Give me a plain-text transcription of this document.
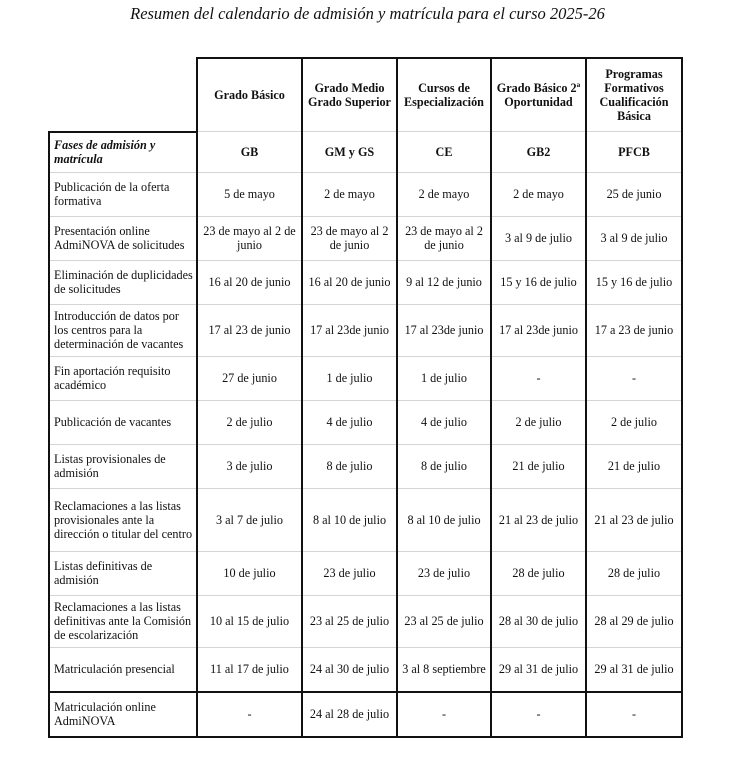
Resumen del calendario de admisión y matrícula para el curso 2025-26
	Grado Básico	Grado Medio Grado Superior	Cursos de Especialización	Grado Básico 2ª Oportunidad	Programas Formativos Cualificación Básica
Fases de admisión y matrícula	GB	GM y GS	CE	GB2	PFCB
Publicación de la oferta formativa	5 de mayo	2 de mayo	2 de mayo	2 de mayo	25 de junio
Presentación online AdmiNOVA de solicitudes	23 de mayo al 2 de junio	23 de mayo al 2 de junio	23 de mayo al 2 de junio	3 al 9 de julio	3 al 9 de julio
Eliminación de duplicidades de solicitudes	16 al 20 de junio	16 al 20 de junio	9 al 12 de junio	15 y 16 de julio	15 y 16 de julio
Introducción de datos por los centros para la determinación de vacantes	17 al 23 de junio	17 al 23de junio	17 al 23de junio	17 al 23de junio	17 a 23 de junio
Fin aportación requisito académico	27 de junio	1 de julio	1 de julio	-	-
Publicación de vacantes	2 de julio	4 de julio	4 de julio	2 de julio	2 de julio
Listas provisionales de admisión	3 de julio	8 de julio	8 de julio	21 de julio	21 de julio
Reclamaciones a las listas provisionales ante la dirección o titular del centro	3 al 7 de julio	8 al 10 de julio	8 al 10 de julio	21 al 23 de julio	21 al 23 de julio
Listas definitivas de admisión	10 de julio	23 de julio	23 de julio	28 de julio	28 de julio
Reclamaciones a las listas definitivas ante la Comisión de escolarización	10 al 15 de julio	23 al 25 de julio	23 al 25 de julio	28 al 30 de julio	28 al 29 de julio
Matriculación presencial	11 al 17 de julio	24 al 30 de julio	3 al 8 septiembre	29 al 31 de julio	29 al 31 de julio
Matriculación online AdmiNOVA	-	24 al 28 de julio	-	-	-
